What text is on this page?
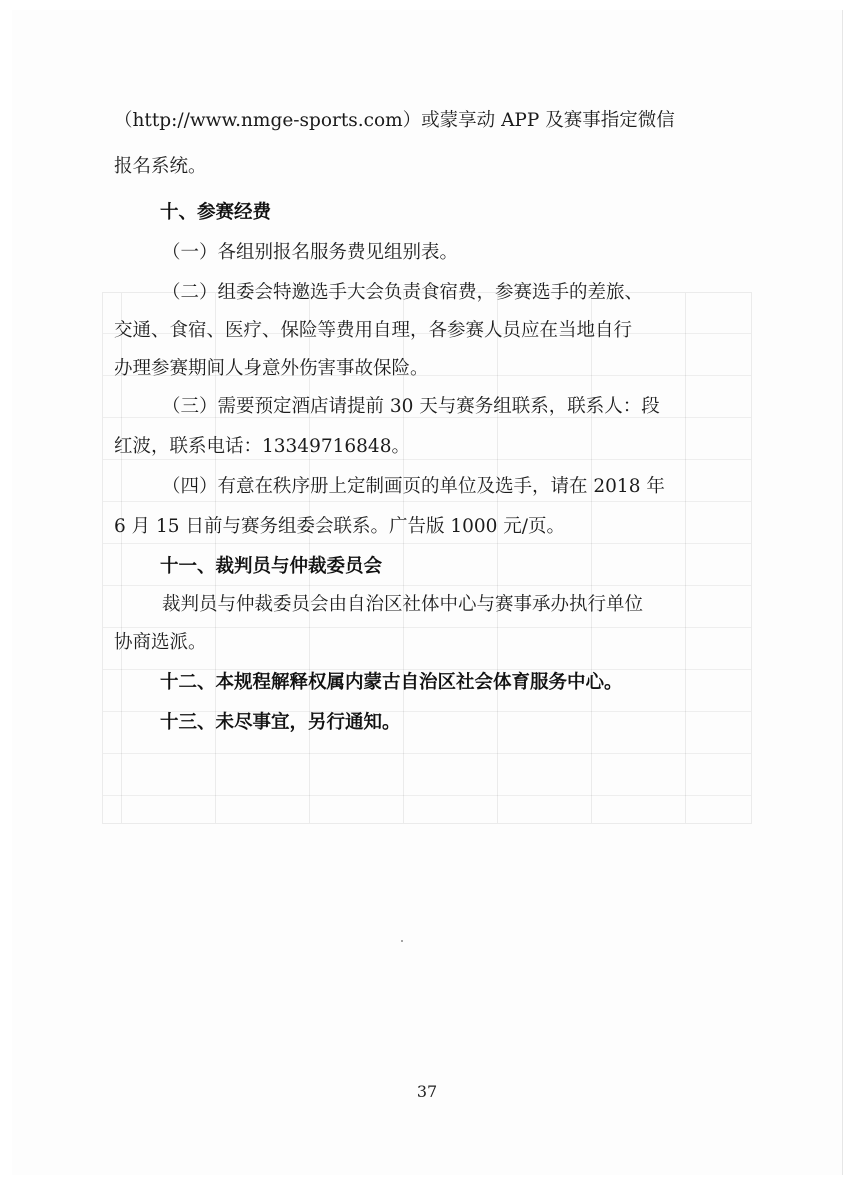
（http://www.nmge-sports.com）或蒙享动 APP 及赛事指定微信
报名系统。
十、参赛经费
（一）各组别报名服务费见组别表。
（二）组委会特邀选手大会负责食宿费，参赛选手的差旅、
交通、食宿、医疗、保险等费用自理，各参赛人员应在当地自行
办理参赛期间人身意外伤害事故保险。
（三）需要预定酒店请提前 30 天与赛务组联系，联系人：段
红波，联系电话：13349716848。
（四）有意在秩序册上定制画页的单位及选手，请在 2018 年
6 月 15 日前与赛务组委会联系。广告版 1000 元/页。
十一、裁判员与仲裁委员会
裁判员与仲裁委员会由自治区社体中心与赛事承办执行单位
协商选派。
十二、本规程解释权属内蒙古自治区社会体育服务中心。
十三、未尽事宜，另行通知。
37
